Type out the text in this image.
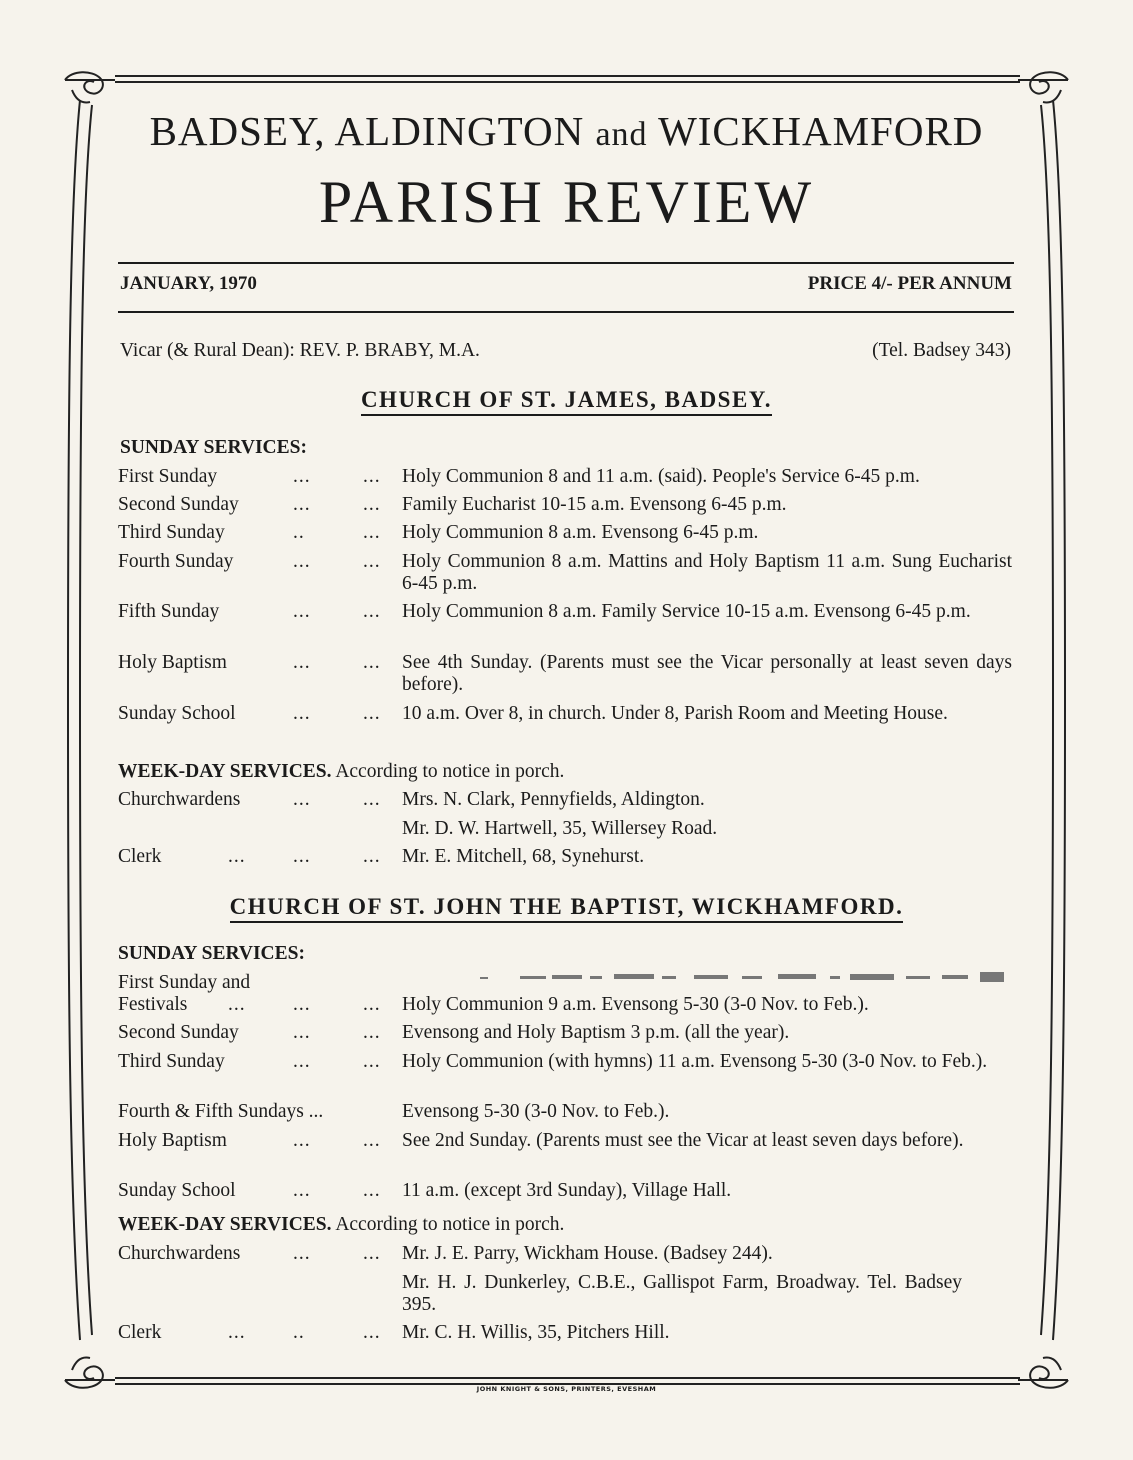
BADSEY, ALDINGTON and WICKHAMFORD
PARISH REVIEW
JANUARY, 1970	PRICE 4/- PER ANNUM
Vicar (& Rural Dean): REV. P. BRABY, M.A.	(Tel. Badsey 343)
CHURCH OF ST. JAMES, BADSEY.
SUNDAY SERVICES:
First Sunday	...	... Holy Communion 8 and 11 a.m. (said). People's Service 6-45 p.m.
Second Sunday	...	... Family Eucharist 10-15 a.m. Evensong 6-45 p.m.
Third Sunday	..	... Holy Communion 8 a.m. Evensong 6-45 p.m.
Fourth Sunday	...	... Holy Communion 8 a.m. Mattins and Holy Baptism 11 a.m. Sung Eucharist 6-45 p.m.
Fifth Sunday	...	... Holy Communion 8 a.m. Family Service 10-15 a.m. Evensong 6-45 p.m.
Holy Baptism	...	... See 4th Sunday. (Parents must see the Vicar personally at least seven days before).
Sunday School	...	... 10 a.m. Over 8, in church. Under 8, Parish Room and Meeting House.
WEEK-DAY SERVICES. According to notice in porch.
Churchwardens	...	... Mrs. N. Clark, Pennyfields, Aldington.
Mr. D. W. Hartwell, 35, Willersey Road.
Clerk	... ...	... Mr. E. Mitchell, 68, Synehurst.
CHURCH OF ST. JOHN THE BAPTIST, WICKHAMFORD.
SUNDAY SERVICES:
First Sunday and
Festivals ... ...	... Holy Communion 9 a.m. Evensong 5-30 (3-0 Nov. to Feb.).
Second Sunday	...	... Evensong and Holy Baptism 3 p.m. (all the year).
Third Sunday	...	... Holy Communion (with hymns) 11 a.m. Evensong 5-30 (3-0 Nov. to Feb.).
Fourth & Fifth Sundays ...	Evensong 5-30 (3-0 Nov. to Feb.).
Holy Baptism	...	... See 2nd Sunday. (Parents must see the Vicar at least seven days before).
Sunday School	...	... 11 a.m. (except 3rd Sunday), Village Hall.
WEEK-DAY SERVICES. According to notice in porch.
Churchwardens	...	... Mr. J. E. Parry, Wickham House. (Badsey 244).
Mr. H. J. Dunkerley, C.B.E., Gallispot Farm, Broadway. Tel. Badsey 395.
Clerk	... ..	... Mr. C. H. Willis, 35, Pitchers Hill.
JOHN KNIGHT & SONS, PRINTERS, EVESHAM
